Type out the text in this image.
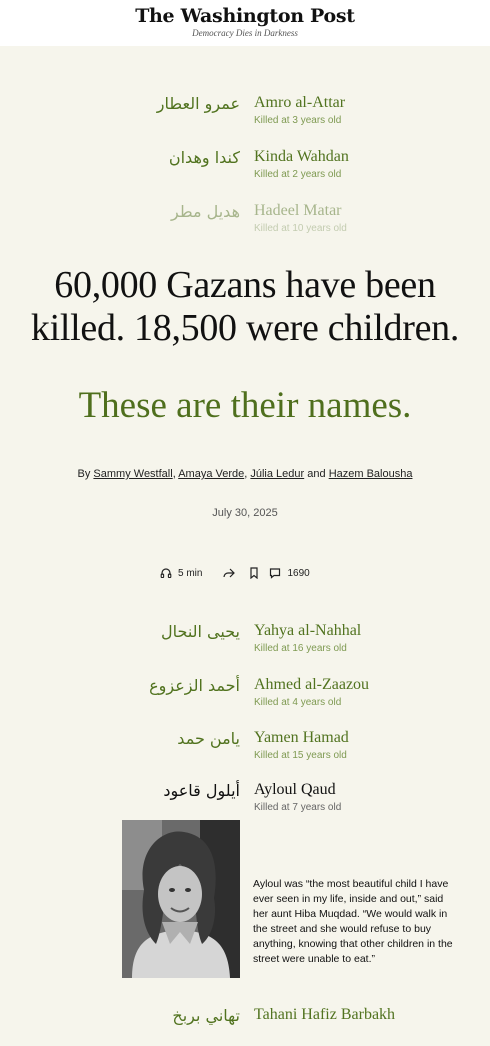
The Washington Post
Democracy Dies in Darkness
عمرو العطار Amro al-Attar
Killed at 3 years old
كندا وهدان Kinda Wahdan
Killed at 2 years old
هديل مطر Hadeel Matar
Killed at 10 years old
60,000 Gazans have been
killed. 18,500 were children.
These are their names.
By Sammy Westfall, Amaya Verde, Júlia Ledur and Hazem Balousha
July 30, 2025
5 min	1690
يحيى النحال Yahya al-Nahhal
Killed at 16 years old
أحمد الزعزوع Ahmed al-Zaazou
Killed at 4 years old
يامن حمد Yamen Hamad
Killed at 15 years old
أيلول قاعود Ayloul Qaud
Killed at 7 years old
Ayloul was “the most beautiful child I have ever seen in my life, inside and out,” said her aunt Hiba Muqdad. “We would walk in the street and she would refuse to buy anything, knowing that other children in the street were unable to eat.”
تهاني بربخ Tahani Hafiz Barbakh
